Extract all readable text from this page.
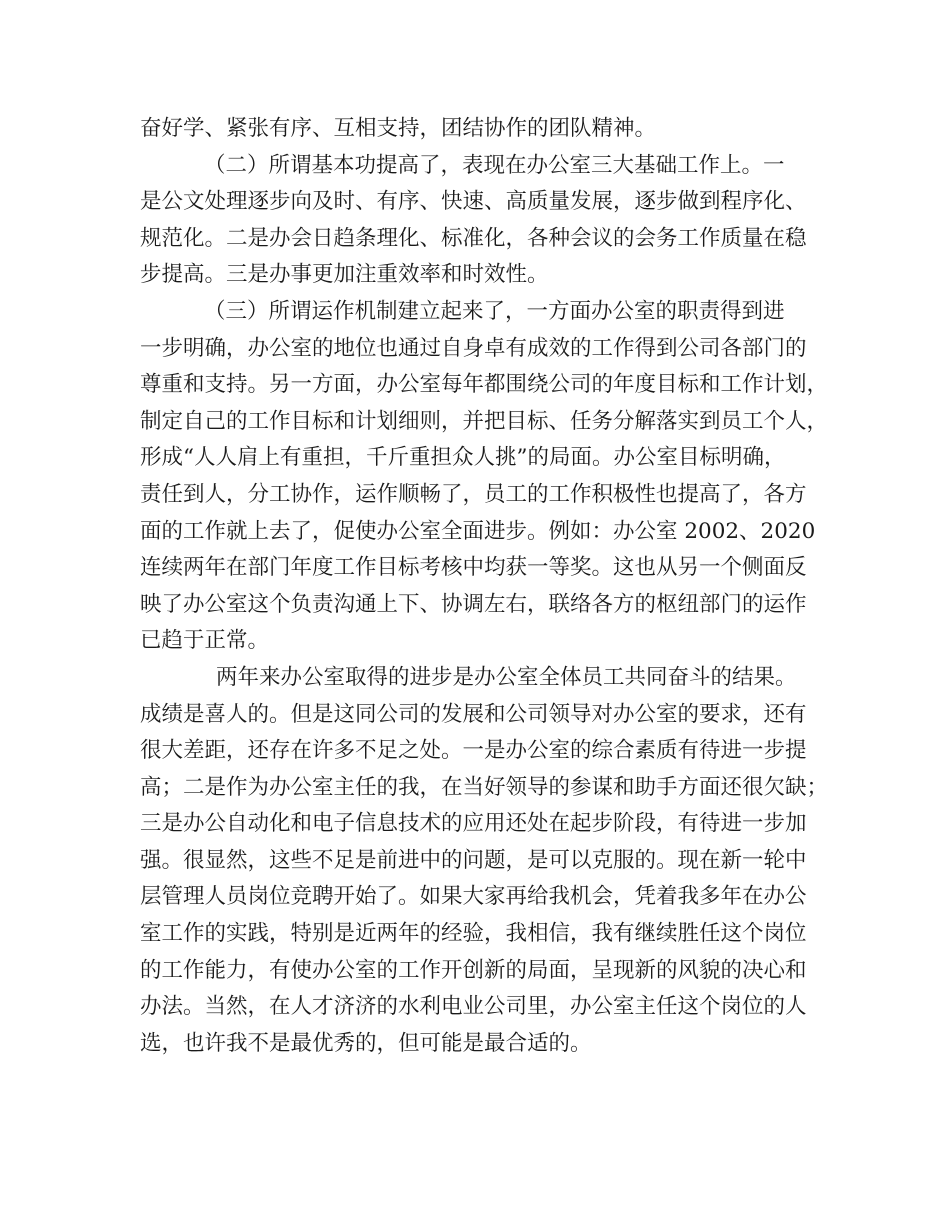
奋好学、紧张有序、互相支持，团结协作的团队精神。
（二）所谓基本功提高了，表现在办公室三大基础工作上。一
是公文处理逐步向及时、有序、快速、高质量发展，逐步做到程序化、
规范化。二是办会日趋条理化、标准化，各种会议的会务工作质量在稳
步提高。三是办事更加注重效率和时效性。
（三）所谓运作机制建立起来了，一方面办公室的职责得到进
一步明确，办公室的地位也通过自身卓有成效的工作得到公司各部门的
尊重和支持。另一方面，办公室每年都围绕公司的年度目标和工作计划，
制定自己的工作目标和计划细则，并把目标、任务分解落实到员工个人，
形成“人人肩上有重担，千斤重担众人挑”的局面。办公室目标明确，
责任到人，分工协作，运作顺畅了，员工的工作积极性也提高了，各方
面的工作就上去了，促使办公室全面进步。例如：办公室 2002、2020
连续两年在部门年度工作目标考核中均获一等奖。这也从另一个侧面反
映了办公室这个负责沟通上下、协调左右，联络各方的枢纽部门的运作
已趋于正常。
两年来办公室取得的进步是办公室全体员工共同奋斗的结果。
成绩是喜人的。但是这同公司的发展和公司领导对办公室的要求，还有
很大差距，还存在许多不足之处。一是办公室的综合素质有待进一步提
高；二是作为办公室主任的我，在当好领导的参谋和助手方面还很欠缺；
三是办公自动化和电子信息技术的应用还处在起步阶段，有待进一步加
强。很显然，这些不足是前进中的问题，是可以克服的。现在新一轮中
层管理人员岗位竞聘开始了。如果大家再给我机会，凭着我多年在办公
室工作的实践，特别是近两年的经验，我相信，我有继续胜任这个岗位
的工作能力，有使办公室的工作开创新的局面，呈现新的风貌的决心和
办法。当然，在人才济济的水利电业公司里，办公室主任这个岗位的人
选，也许我不是最优秀的，但可能是最合适的。
